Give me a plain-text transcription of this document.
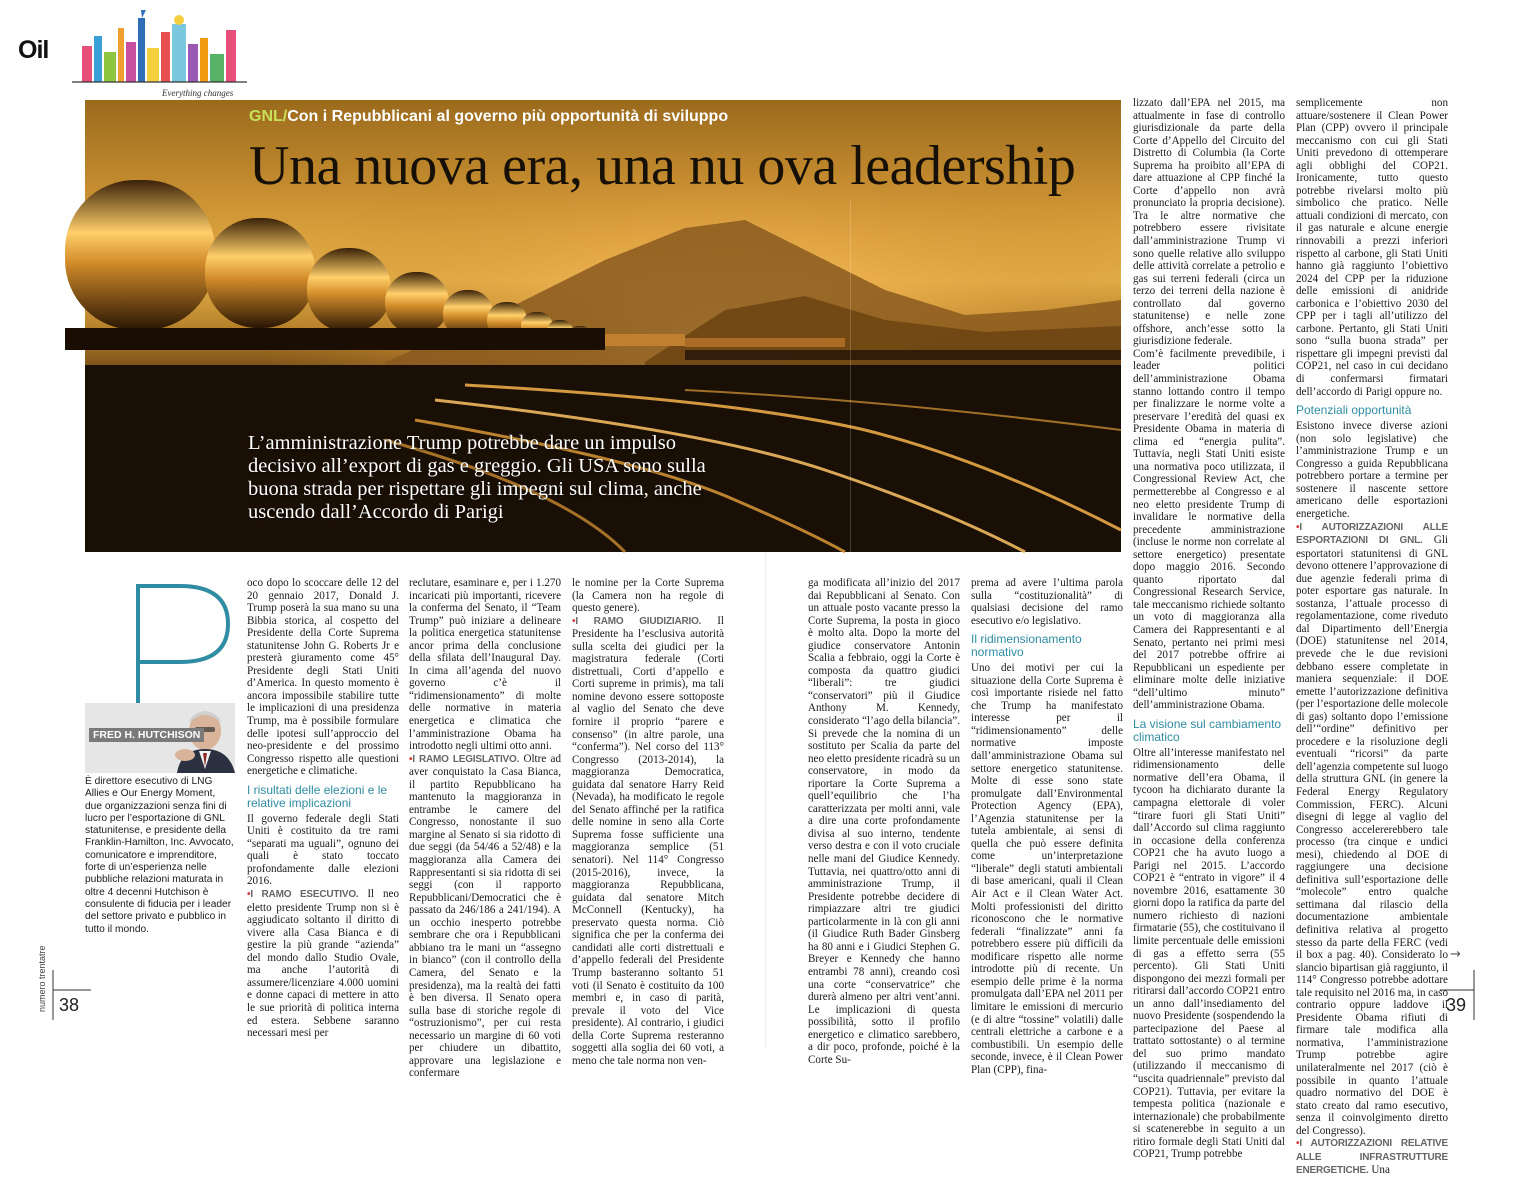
Oil
Everything changes
GNL/Con i Repubblicani al governo più opportunità di sviluppo
Una nuova era, una nu ova leadership
L’amministrazione Trump potrebbe dare un impulso decisivo all’export di gas e greggio. Gli USA sono sulla buona strada per rispettare gli impegni sul clima, anche uscendo dall’Accordo di Parigi
FRED H. HUTCHISON
È direttore esecutivo di LNG Allies e Our Energy Moment, due organizzazioni senza fini di lucro per l’esportazione di GNL statunitense, e presidente della Franklin-Hamilton, Inc. Avvocato, comunicatore e imprenditore, forte di un’esperienza nelle pubbliche relazioni maturata in oltre 4 decenni Hutchison è consulente di fiducia per i leader del settore privato e pubblico in tutto il mondo.

oco dopo lo scoccare delle 12 del 20 gennaio 2017, Donald J. Trump poserà la sua mano su una Bibbia storica, al cospetto del Presidente della Corte Suprema statunitense John G. Roberts Jr e presterà giuramento come 45° Presidente degli Stati Uniti d’America. In questo momento è ancora impossibile stabilire tutte le implicazioni di una presidenza Trump, ma è possibile formulare delle ipotesi sull’approccio del neo-presidente e del prossimo Congresso rispetto alle questioni energetiche e climatiche.

I risultati delle elezioni e le relative implicazioni

Il governo federale degli Stati Uniti è costituito da tre rami “separati ma uguali”, ognuno dei quali è stato toccato profondamente dalle elezioni 2016.

•I RAMO ESECUTIVO. Il neo eletto presidente Trump non si è aggiudicato soltanto il diritto di vivere alla Casa Bianca e di gestire la più grande “azienda” del mondo dallo Studio Ovale, ma anche l’autorità di assumere/licenziare 4.000 uomini e donne capaci di mettere in atto le sue priorità di politica interna ed estera. Sebbene saranno necessari mesi per

reclutare, esaminare e, per i 1.270 incaricati più importanti, ricevere la conferma del Senato, il “Team Trump” può iniziare a delineare la politica energetica statunitense ancor prima della conclusione della sfilata dell’Inaugural Day. In cima all’agenda del nuovo governo c’è il “ridimensionamento” di molte delle normative in materia energetica e climatica che l’amministrazione Obama ha introdotto negli ultimi otto anni.

•I RAMO LEGISLATIVO. Oltre ad aver conquistato la Casa Bianca, il partito Repubblicano ha mantenuto la maggioranza in entrambe le camere del Congresso, nonostante il suo margine al Senato si sia ridotto di due seggi (da 54/46 a 52/48) e la maggioranza alla Camera dei Rappresentanti si sia ridotta di sei seggi (con il rapporto Repubblicani/Democratici che è passato da 246/186 a 241/194). A un occhio inesperto potrebbe sembrare che ora i Repubblicani abbiano tra le mani un “assegno in bianco” (con il controllo della Camera, del Senato e la presidenza), ma la realtà dei fatti è ben diversa. Il Senato opera sulla base di storiche regole di “ostruzionismo”, per cui resta necessario un margine di 60 voti per chiudere un dibattito, approvare una legislazione e confermare

le nomine per la Corte Suprema (la Camera non ha regole di questo genere).

•I RAMO GIUDIZIARIO. Il Presidente ha l’esclusiva autorità sulla scelta dei giudici per la magistratura federale (Corti distrettuali, Corti d’appello e Corti supreme in primis), ma tali nomine devono essere sottoposte al vaglio del Senato che deve fornire il proprio “parere e consenso” (in altre parole, una “conferma”). Nel corso del 113° Congresso (2013-2014), la maggioranza Democratica, guidata dal senatore Harry Reid (Nevada), ha modificato le regole del Senato affinché per la ratifica delle nomine in seno alla Corte Suprema fosse sufficiente una maggioranza semplice (51 senatori). Nel 114° Congresso (2015-2016), invece, la maggioranza Repubblicana, guidata dal senatore Mitch McConnell (Kentucky), ha preservato questa norma. Ciò significa che per la conferma dei candidati alle corti distrettuali e d’appello federali del Presidente Trump basteranno soltanto 51 voti (il Senato è costituito da 100 membri e, in caso di parità, prevale il voto del Vice presidente). Al contrario, i giudici della Corte Suprema resteranno soggetti alla soglia dei 60 voti, a meno che tale norma non ven-

ga modificata all’inizio del 2017 dai Repubblicani al Senato. Con un attuale posto vacante presso la Corte Suprema, la posta in gioco è molto alta. Dopo la morte del giudice conservatore Antonin Scalia a febbraio, oggi la Corte è composta da quattro giudici “liberali”: tre giudici “conservatori” più il Giudice Anthony M. Kennedy, considerato “l’ago della bilancia”. Si prevede che la nomina di un sostituto per Scalia da parte del neo eletto presidente ricadrà su un conservatore, in modo da riportare la Corte Suprema a quell’equilibrio che l’ha caratterizzata per molti anni, vale a dire una corte profondamente divisa al suo interno, tendente verso destra e con il voto cruciale nelle mani del Giudice Kennedy. Tuttavia, nei quattro/otto anni di amministrazione Trump, il Presidente potrebbe decidere di rimpiazzare altri tre giudici particolarmente in là con gli anni (il Giudice Ruth Bader Ginsberg ha 80 anni e i Giudici Stephen G. Breyer e Kennedy che hanno entrambi 78 anni), creando così una corte “conservatrice” che durerà almeno per altri vent’anni. Le implicazioni di questa possibilità, sotto il profilo energetico e climatico sarebbero, a dir poco, profonde, poiché è la Corte Su-

prema ad avere l’ultima parola sulla “costituzionalità” di qualsiasi decisione del ramo esecutivo e/o legislativo.

Il ridimensionamento normativo

Uno dei motivi per cui la situazione della Corte Suprema è così importante risiede nel fatto che Trump ha manifestato interesse per il “ridimensionamento” delle normative imposte dall’amministrazione Obama sul settore energetico statunitense. Molte di esse sono state promulgate dall’Environmental Protection Agency (EPA), l’Agenzia statunitense per la tutela ambientale, ai sensi di quella che può essere definita come un’interpretazione “liberale” degli statuti ambientali di base americani, quali il Clean Air Act e il Clean Water Act. Molti professionisti del diritto riconoscono che le normative federali “finalizzate” anni fa potrebbero essere più difficili da modificare rispetto alle norme introdotte più di recente. Un esempio delle prime è la norma promulgata dall’EPA nel 2011 per limitare le emissioni di mercurio (e di altre “tossine” volatili) dalle centrali elettriche a carbone e a combustibili. Un esempio delle seconde, invece, è il Clean Power Plan (CPP), fina-

lizzato dall’EPA nel 2015, ma attualmente in fase di controllo giurisdizionale da parte della Corte d’Appello del Circuito del Distretto di Columbia (la Corte Suprema ha proibito all’EPA di dare attuazione al CPP finché la Corte d’appello non avrà pronunciato la propria decisione). Tra le altre normative che potrebbero essere rivisitate dall’amministrazione Trump vi sono quelle relative allo sviluppo delle attività correlate a petrolio e gas sui terreni federali (circa un terzo dei terreni della nazione è controllato dal governo statunitense) e nelle zone offshore, anch’esse sotto la giurisdizione federale.

Com’è facilmente prevedibile, i leader politici dell’amministrazione Obama stanno lottando contro il tempo per finalizzare le norme volte a preservare l’eredità del quasi ex Presidente Obama in materia di clima ed “energia pulita”. Tuttavia, negli Stati Uniti esiste una normativa poco utilizzata, il Congressional Review Act, che permetterebbe al Congresso e al neo eletto presidente Trump di invalidare le normative della precedente amministrazione (incluse le norme non correlate al settore energetico) presentate dopo maggio 2016. Secondo quanto riportato dal Congressional Research Service, tale meccanismo richiede soltanto un voto di maggioranza alla Camera dei Rappresentanti e al Senato, pertanto nei primi mesi del 2017 potrebbe offrire ai Repubblicani un espediente per eliminare molte delle iniziative “dell’ultimo minuto” dell’amministrazione Obama.

La visione sul cambiamento climatico

Oltre all’interesse manifestato nel ridimensionamento delle normative dell’era Obama, il tycoon ha dichiarato durante la campagna elettorale di voler “tirare fuori gli Stati Uniti” dall’Accordo sul clima raggiunto in occasione della conferenza COP21 che ha avuto luogo a Parigi nel 2015. L’accordo COP21 è “entrato in vigore” il 4 novembre 2016, esattamente 30 giorni dopo la ratifica da parte del numero richiesto di nazioni firmatarie (55), che costituivano il limite percentuale delle emissioni di gas a effetto serra (55 percento). Gli Stati Uniti dispongono dei mezzi formali per ritirarsi dall’accordo COP21 entro un anno dall’insediamento del nuovo Presidente (sospendendo la partecipazione del Paese al trattato sottostante) o al termine del suo primo mandato (utilizzando il meccanismo di “uscita quadriennale” previsto dal COP21). Tuttavia, per evitare la tempesta politica (nazionale e internazionale) che probabilmente si scatenerebbe in seguito a un ritiro formale degli Stati Uniti dal COP21, Trump potrebbe

semplicemente non attuare/sostenere il Clean Power Plan (CPP) ovvero il principale meccanismo con cui gli Stati Uniti prevedono di ottemperare agli obblighi del COP21. Ironicamente, tutto questo potrebbe rivelarsi molto più simbolico che pratico. Nelle attuali condizioni di mercato, con il gas naturale e alcune energie rinnovabili a prezzi inferiori rispetto al carbone, gli Stati Uniti hanno già raggiunto l’obiettivo 2024 del CPP per la riduzione delle emissioni di anidride carbonica e l’obiettivo 2030 del CPP per i tagli all’utilizzo del carbone. Pertanto, gli Stati Uniti sono “sulla buona strada” per rispettare gli impegni previsti dal COP21, nel caso in cui decidano di confermarsi firmatari dell’accordo di Parigi oppure no.

Potenziali opportunità

Esistono invece diverse azioni (non solo legislative) che l’amministrazione Trump e un Congresso a guida Repubblicana potrebbero portare a termine per sostenere il nascente settore americano delle esportazioni energetiche.

•I AUTORIZZAZIONI ALLE ESPORTAZIONI DI GNL. Gli esportatori statunitensi di GNL devono ottenere l’approvazione di due agenzie federali prima di poter esportare gas naturale. In sostanza, l’attuale processo di regolamentazione, come riveduto dal Dipartimento dell’Energia (DOE) statunitense nel 2014, prevede che le due revisioni debbano essere completate in maniera sequenziale: il DOE emette l’autorizzazione definitiva (per l’esportazione delle molecole di gas) soltanto dopo l’emissione dell’“ordine” definitivo per procedere e la risoluzione degli eventuali “ricorsi” da parte dell’agenzia competente sul luogo della struttura GNL (in genere la Federal Energy Regulatory Commission, FERC). Alcuni disegni di legge al vaglio del Congresso accelererebbero tale processo (tra cinque e undici mesi), chiedendo al DOE di raggiungere una decisione definitiva sull’esportazione delle “molecole” entro qualche settimana dal rilascio della documentazione ambientale definitiva relativa al progetto stesso da parte della FERC (vedi il box a pag. 40). Considerato lo slancio bipartisan già raggiunto, il 114° Congresso potrebbe adottare tale requisito nel 2016 ma, in caso contrario oppure laddove il Presidente Obama rifiuti di firmare tale modifica alla normativa, l’amministrazione Trump potrebbe agire unilateralmente nel 2017 (ciò è possibile in quanto l’attuale quadro normativo del DOE è stato creato dal ramo esecutivo, senza il coinvolgimento diretto del Congresso).

•I AUTORIZZAZIONI RELATIVE ALLE INFRASTRUTTURE ENERGETICHE. Una

→
numero trentatre 38	39
